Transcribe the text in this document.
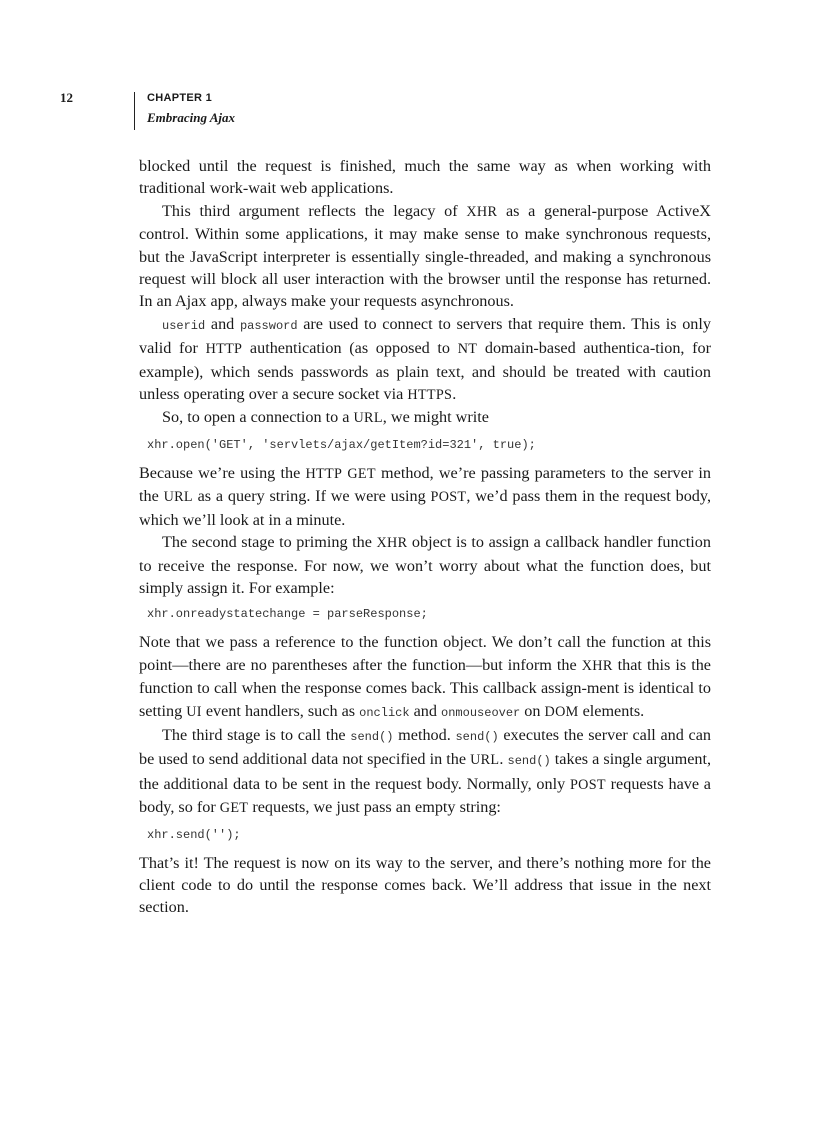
12	CHAPTER 1
Embracing Ajax

blocked until the request is finished, much the same way as when working with traditional work-wait web applications.

This third argument reflects the legacy of XHR as a general-purpose ActiveX control. Within some applications, it may make sense to make synchronous requests, but the JavaScript interpreter is essentially single-threaded, and making a synchronous request will block all user interaction with the browser until the response has returned. In an Ajax app, always make your requests asynchronous.

userid and password are used to connect to servers that require them. This is only valid for HTTP authentication (as opposed to NT domain-based authentica-tion, for example), which sends passwords as plain text, and should be treated with caution unless operating over a secure socket via HTTPS.

So, to open a connection to a URL, we might write

xhr.open('GET', 'servlets/ajax/getItem?id=321', true);

Because we’re using the HTTP GET method, we’re passing parameters to the server in the URL as a query string. If we were using POST, we’d pass them in the request body, which we’ll look at in a minute.

The second stage to priming the XHR object is to assign a callback handler function to receive the response. For now, we won’t worry about what the function does, but simply assign it. For example:

xhr.onreadystatechange = parseResponse;

Note that we pass a reference to the function object. We don’t call the function at this point—there are no parentheses after the function—but inform the XHR that this is the function to call when the response comes back. This callback assign-ment is identical to setting UI event handlers, such as onclick and onmouseover on DOM elements.

The third stage is to call the send() method. send() executes the server call and can be used to send additional data not specified in the URL. send() takes a single argument, the additional data to be sent in the request body. Normally, only POST requests have a body, so for GET requests, we just pass an empty string:

xhr.send('');

That’s it! The request is now on its way to the server, and there’s nothing more for the client code to do until the response comes back. We’ll address that issue in the next section.
